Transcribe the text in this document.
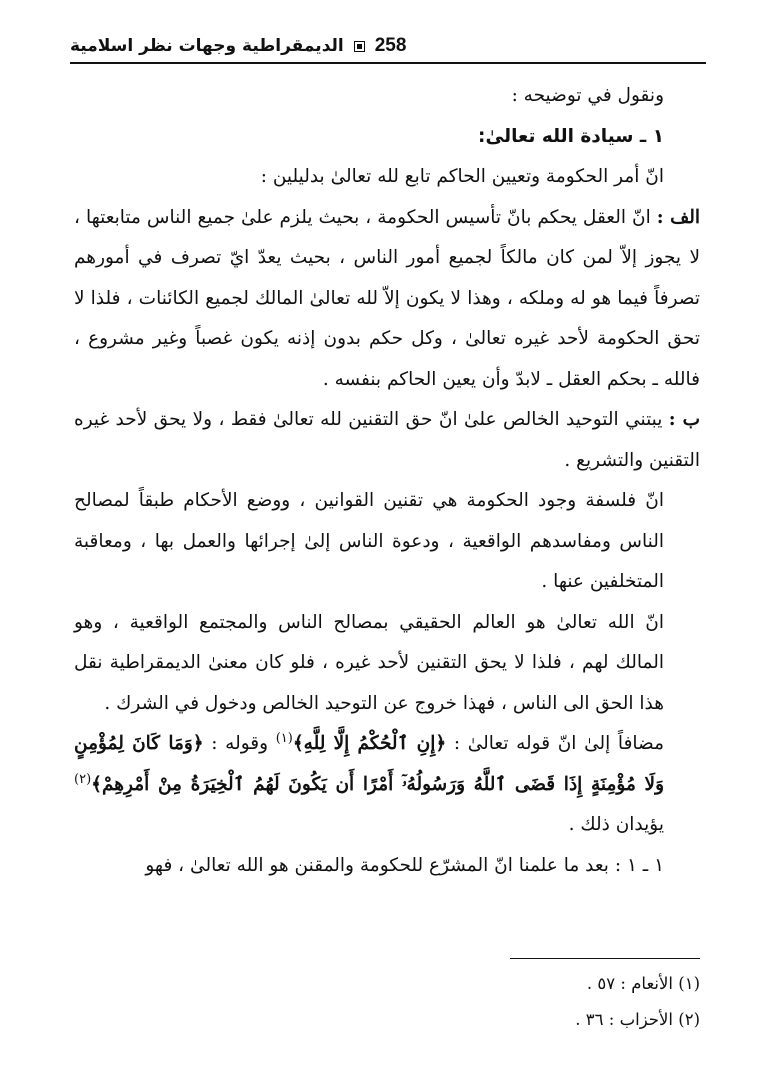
258
الديمقراطية وجهات نظر اسلامية

ونقول في توضيحه :

١ ـ سيادة الله تعالىٰ:

انّ أمر الحكومة وتعيين الحاكم تابع لله تعالىٰ بدليلين :

الف : انّ العقل يحكم بانّ تأسيس الحكومة ، بحيث يلزم علىٰ جميع الناس متابعتها ، لا يجوز إلاّ لمن كان مالكاً لجميع أمور الناس ، بحيث يعدّ ايّ تصرف في أمورهم تصرفاً فيما هو له وملكه ، وهذا لا يكون إلاّ لله تعالىٰ المالك لجميع الكائنات ، فلذا لا تحق الحكومة لأحد غيره تعالىٰ ، وكل حكم بدون إذنه يكون غصباً وغير مشروع ، فالله ـ بحكم العقل ـ لابدّ وأن يعين الحاكم بنفسه .

ب : يبتني التوحيد الخالص علىٰ انّ حق التقنين لله تعالىٰ فقط ، ولا يحق لأحد غيره التقنين والتشريع .

انّ فلسفة وجود الحكومة هي تقنين القوانين ، ووضع الأحكام طبقاً لمصالح الناس ومفاسدهم الواقعية ، ودعوة الناس إلىٰ إجرائها والعمل بها ، ومعاقبة المتخلفين عنها .

انّ الله تعالىٰ هو العالم الحقيقي بمصالح الناس والمجتمع الواقعية ، وهو المالك لهم ، فلذا لا يحق التقنين لأحد غيره ، فلو كان معنىٰ الديمقراطية نقل هذا الحق الى الناس ، فهذا خروج عن التوحيد الخالص ودخول في الشرك .

مضافاً إلىٰ انّ قوله تعالىٰ : ﴿إِنِ ٱلْحُكْمُ إِلَّا لِلَّهِ﴾$^{(١)}$ وقوله : ﴿وَمَا كَانَ لِمُؤْمِنٍ وَلَا مُؤْمِنَةٍ إِذَا قَضَى ٱللَّهُ وَرَسُولُهُۥٓ أَمْرًا أَن يَكُونَ لَهُمُ ٱلْخِيَرَةُ مِنْ أَمْرِهِمْ﴾$^{(٢)}$ يؤيدان ذلك .

١ ـ ١ : بعد ما علمنا انّ المشرّع للحكومة والمقنن هو الله تعالىٰ ، فهو

(١) الأنعام : ٥٧ .

(٢) الأحزاب : ٣٦ .
